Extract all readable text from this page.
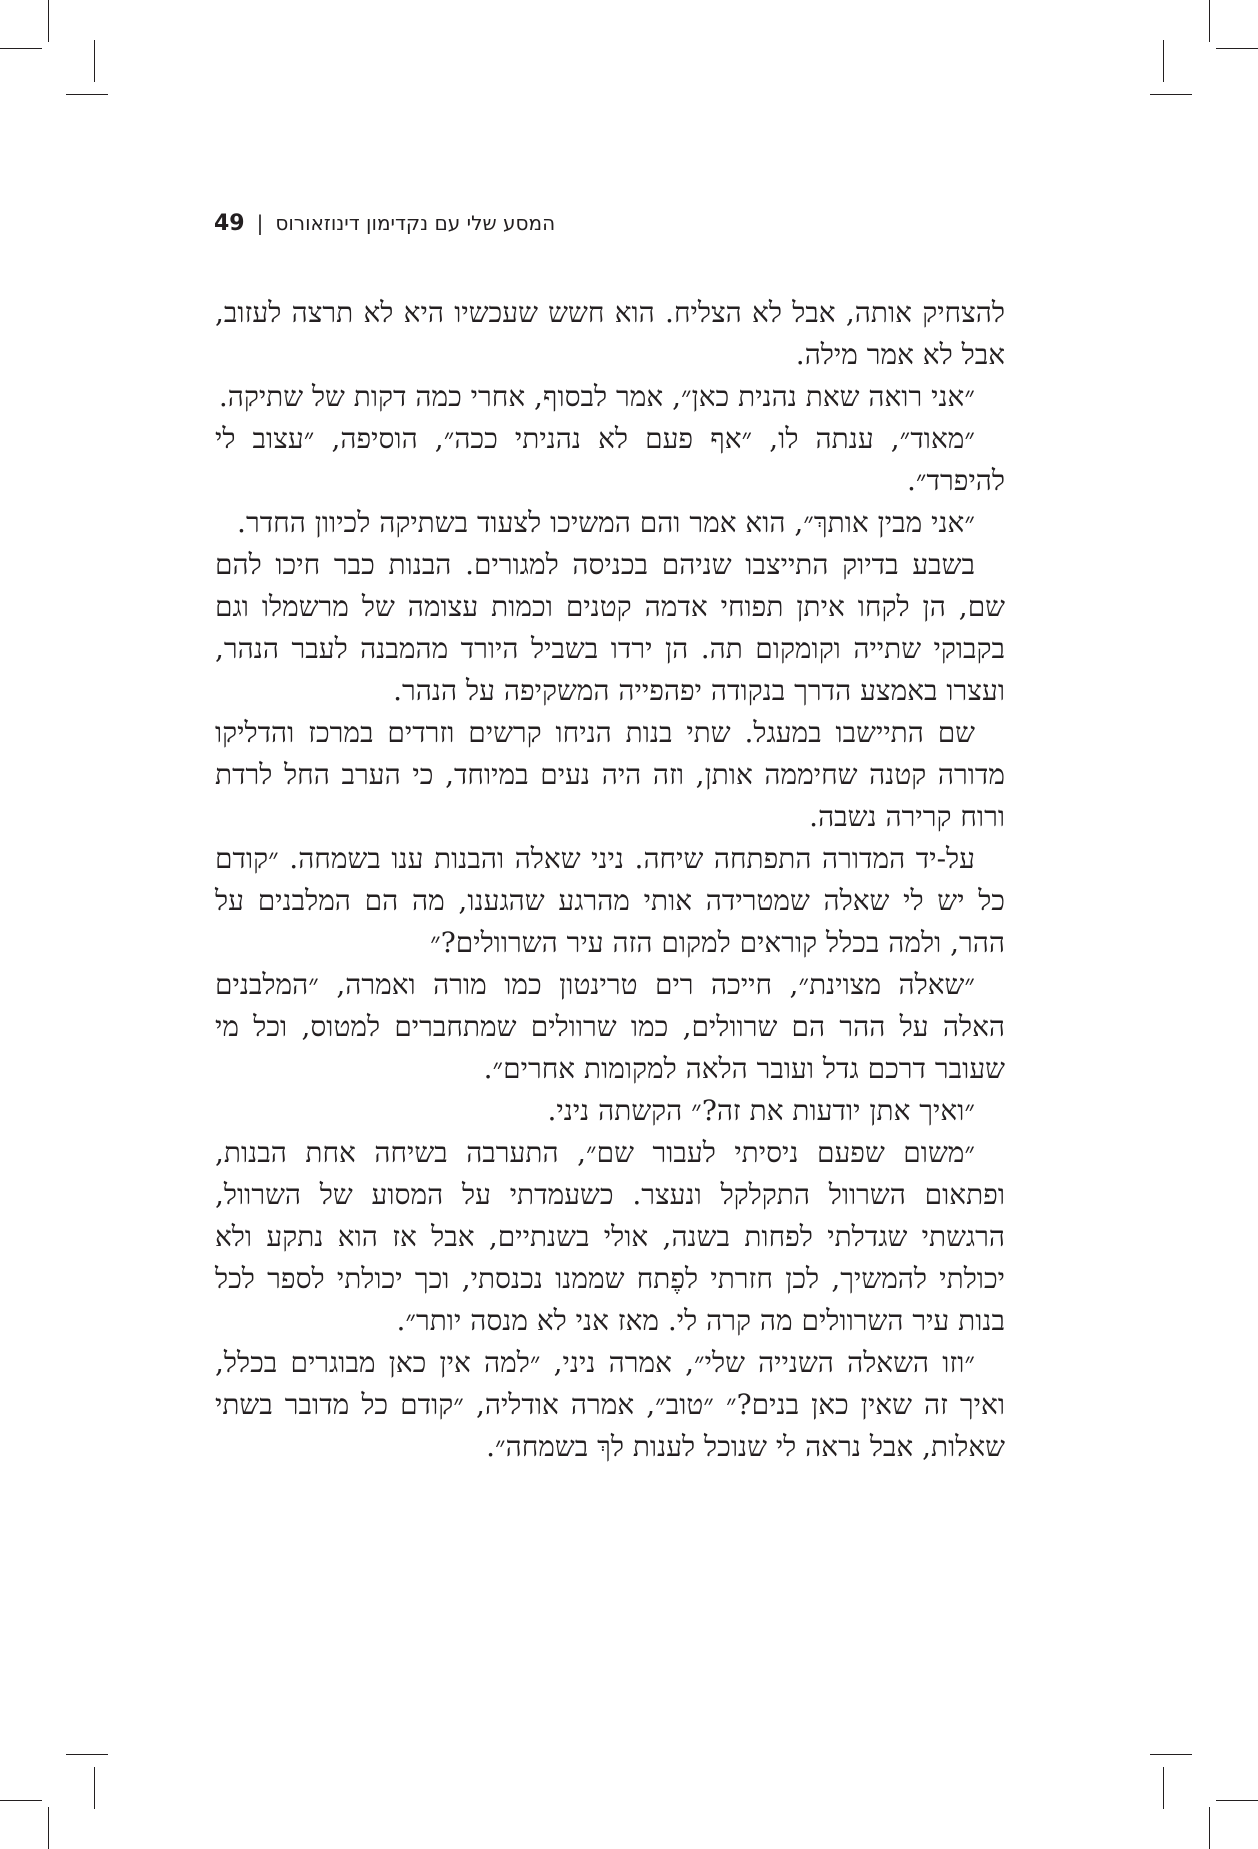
49 | המסע שלי עם נקדימון דינוזאורוס

להצחיק אותה, אבל לא הצליח. הוא חשש שעכשיו היא לא תרצה לעזוב, אבל לא אמר מילה.

״אני רואה שאת נהנית כאן״, אמר לבסוף, אחרי כמה דקות של שתיקה.

״מאוד״, ענתה לו, ״אף פעם לא נהניתי ככה״, הוסיפה, ״עצוב לי להיפרד״.

״אני מבין אותךְ״, הוא אמר והם המשיכו לצעוד בשתיקה לכיוון החדר.

בשבע בדיוק התייצבו שניהם בכניסה למגורים. הבנות כבר חיכו להם שם, הן לקחו איתן תפוחי אדמה קטנים וכמות עצומה של מרשמלו וגם בקבוקי שתייה וקומקום תה. הן ירדו בשביל היורד מהמבנה לעבר הנהר, ועצרו באמצע הדרך בנקודה יפהפייה המשקיפה על הנהר.

שם התיישבו במעגל. שתי בנות הניחו קרשים וזרדים במרכז והדליקו מדורה קטנה שחיממה אותן, וזה היה נעים במיוחד, כי הערב החל לרדת ורוח קרירה נשבה.

על-יד המדורה התפתחה שיחה. ניני שאלה והבנות ענו בשמחה. ״קודם כל יש לי שאלה שמטרידה אותי מהרגע שהגענו, מה הם המלבנים על ההר, ולמה בכלל קוראים למקום הזה עיר השרוולים?״

״שאלה מצוינת״, חייכה רים טרינטון כמו מורה ואמרה, ״המלבנים האלה על ההר הם שרוולים, כמו שרוולים שמתחברים למטוס, וכל מי שעובר דרכם גדל ועובר הלאה למקומות אחרים״.

״ואיך אתן יודעות את זה?״ הקשתה ניני.

״משום שפעם ניסיתי לעבור שם״, התערבה בשיחה אחת הבנות, ופתאום השרוול התקלקל ונעצר. כשעמדתי על המסוע של השרוול, הרגשתי שגדלתי לפחות בשנה, אולי בשנתיים, אבל אז הוא נתקע ולא יכולתי להמשיך, לכן חזרתי לפֶתח שממנו נכנסתי, וכך יכולתי לספר לכל בנות עיר השרוולים מה קרה לי. מאז אני לא מנסה יותר״.

״וזו השאלה השנייה שלי״, אמרה ניני, ״למה אין כאן מבוגרים בכלל, ואיך זה שאין כאן בנים?״ ״טוב״, אמרה אודליה, ״קודם כל מדובר בשתי שאלות, אבל נראה לי שנוכל לענות לךְ בשמחה״.
